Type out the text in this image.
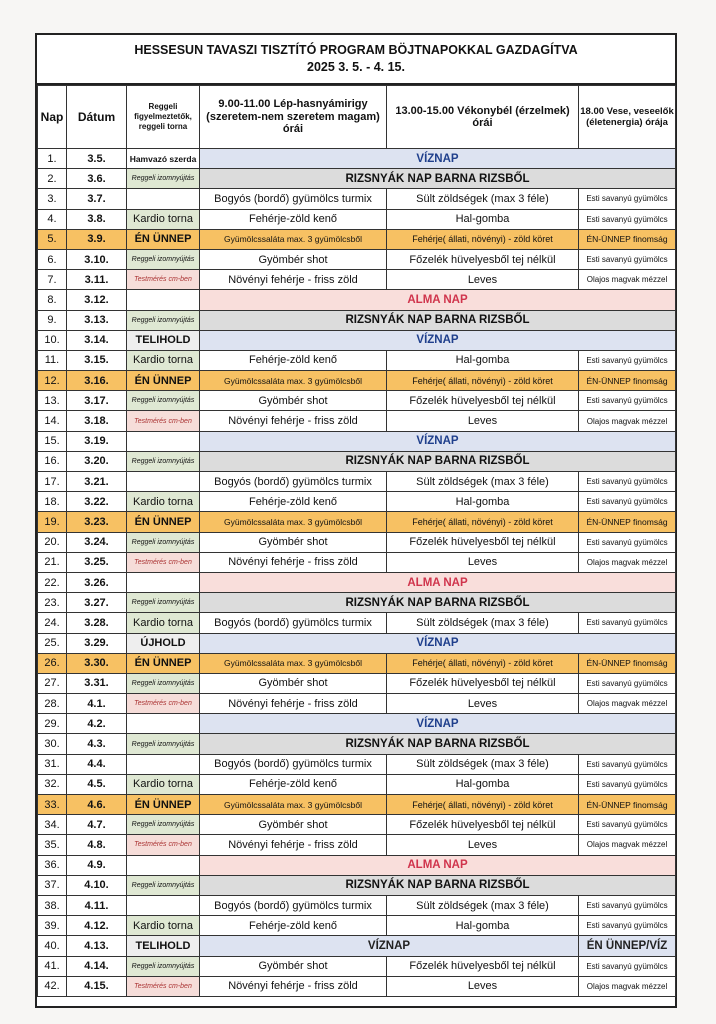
HESSESUN TAVASZI TISZTÍTÓ PROGRAM BÖJTNAPOKKAL GAZDAGÍTVA
2025 3. 5. - 4. 15.
Nap	Dátum	Reggeli figyelmeztetők, reggeli torna	9.00-11.00 Lép-hasnyámirigy (szeretem-nem szeretem magam) órái	13.00-15.00 Vékonybél (érzelmek) órái	18.00 Vese, veseelők (életenergia) órája
1.	3.5.	Hamvazó szerda	VÍZNAP		
2.	3.6.	Reggeli izomnyújtás	RIZSNYÁK NAP BARNA RIZSBŐL		
3.	3.7.		Bogyós (bordő) gyümölcs turmix	Sült zöldségek (max 3 féle)	Esti savanyú gyümölcs
4.	3.8.	Kardio torna	Fehérje-zöld kenő	Hal-gomba	Esti savanyú gyümölcs
5.	3.9.	ÉN ÜNNEP	Gyümölcssaláta max. 3 gyümölcsből	Fehérje( állati, növényi) - zöld köret	ÉN-ÜNNEP finomság
6.	3.10.	Reggeli izomnyújtás	Gyömbér shot	Főzelék hüvelyesből tej nélkül	Esti savanyú gyümölcs
7.	3.11.	Testmérés cm-ben	Növényi fehérje - friss zöld	Leves	Olajos magvak mézzel
8.	3.12.		ALMA NAP		
9.	3.13.	Reggeli izomnyújtás	RIZSNYÁK NAP BARNA RIZSBŐL		
10.	3.14.	TELIHOLD	VÍZNAP		
11.	3.15.	Kardio torna	Fehérje-zöld kenő	Hal-gomba	Esti savanyú gyümölcs
12.	3.16.	ÉN ÜNNEP	Gyümölcssaláta max. 3 gyümölcsből	Fehérje( állati, növényi) - zöld köret	ÉN-ÜNNEP finomság
13.	3.17.	Reggeli izomnyújtás	Gyömbér shot	Főzelék hüvelyesből tej nélkül	Esti savanyú gyümölcs
14.	3.18.	Testmérés cm-ben	Növényi fehérje - friss zöld	Leves	Olajos magvak mézzel
15.	3.19.		VÍZNAP		
16.	3.20.	Reggeli izomnyújtás	RIZSNYÁK NAP BARNA RIZSBŐL		
17.	3.21.		Bogyós (bordő) gyümölcs turmix	Sült zöldségek (max 3 féle)	Esti savanyú gyümölcs
18.	3.22.	Kardio torna	Fehérje-zöld kenő	Hal-gomba	Esti savanyú gyümölcs
19.	3.23.	ÉN ÜNNEP	Gyümölcssaláta max. 3 gyümölcsből	Fehérje( állati, növényi) - zöld köret	ÉN-ÜNNEP finomság
20.	3.24.	Reggeli izomnyújtás	Gyömbér shot	Főzelék hüvelyesből tej nélkül	Esti savanyú gyümölcs
21.	3.25.	Testmérés cm-ben	Növényi fehérje - friss zöld	Leves	Olajos magvak mézzel
22.	3.26.		ALMA NAP		
23.	3.27.	Reggeli izomnyújtás	RIZSNYÁK NAP BARNA RIZSBŐL		
24.	3.28.	Kardio torna	Bogyós (bordő) gyümölcs turmix	Sült zöldségek (max 3 féle)	Esti savanyú gyümölcs
25.	3.29.	ÚJHOLD	VÍZNAP		
26.	3.30.	ÉN ÜNNEP	Gyümölcssaláta max. 3 gyümölcsből	Fehérje( állati, növényi) - zöld köret	ÉN-ÜNNEP finomság
27.	3.31.	Reggeli izomnyújtás	Gyömbér shot	Főzelék hüvelyesből tej nélkül	Esti savanyú gyümölcs
28.	4.1.	Testmérés cm-ben	Növényi fehérje - friss zöld	Leves	Olajos magvak mézzel
29.	4.2.		VÍZNAP		
30.	4.3.	Reggeli izomnyújtás	RIZSNYÁK NAP BARNA RIZSBŐL		
31.	4.4.		Bogyós (bordő) gyümölcs turmix	Sült zöldségek (max 3 féle)	Esti savanyú gyümölcs
32.	4.5.	Kardio torna	Fehérje-zöld kenő	Hal-gomba	Esti savanyú gyümölcs
33.	4.6.	ÉN ÜNNEP	Gyümölcssaláta max. 3 gyümölcsből	Fehérje( állati, növényi) - zöld köret	ÉN-ÜNNEP finomság
34.	4.7.	Reggeli izomnyújtás	Gyömbér shot	Főzelék hüvelyesből tej nélkül	Esti savanyú gyümölcs
35.	4.8.	Testmérés cm-ben	Növényi fehérje - friss zöld	Leves	Olajos magvak mézzel
36.	4.9.		ALMA NAP		
37.	4.10.	Reggeli izomnyújtás	RIZSNYÁK NAP BARNA RIZSBŐL		
38.	4.11.		Bogyós (bordő) gyümölcs turmix	Sült zöldségek (max 3 féle)	Esti savanyú gyümölcs
39.	4.12.	Kardio torna	Fehérje-zöld kenő	Hal-gomba	Esti savanyú gyümölcs
40.	4.13.	TELIHOLD	VÍZNAP		ÉN ÜNNEP/VÍZ
41.	4.14.	Reggeli izomnyújtás	Gyömbér shot	Főzelék hüvelyesből tej nélkül	Esti savanyú gyümölcs
42.	4.15.	Testmérés cm-ben	Növényi fehérje - friss zöld	Leves	Olajos magvak mézzel
